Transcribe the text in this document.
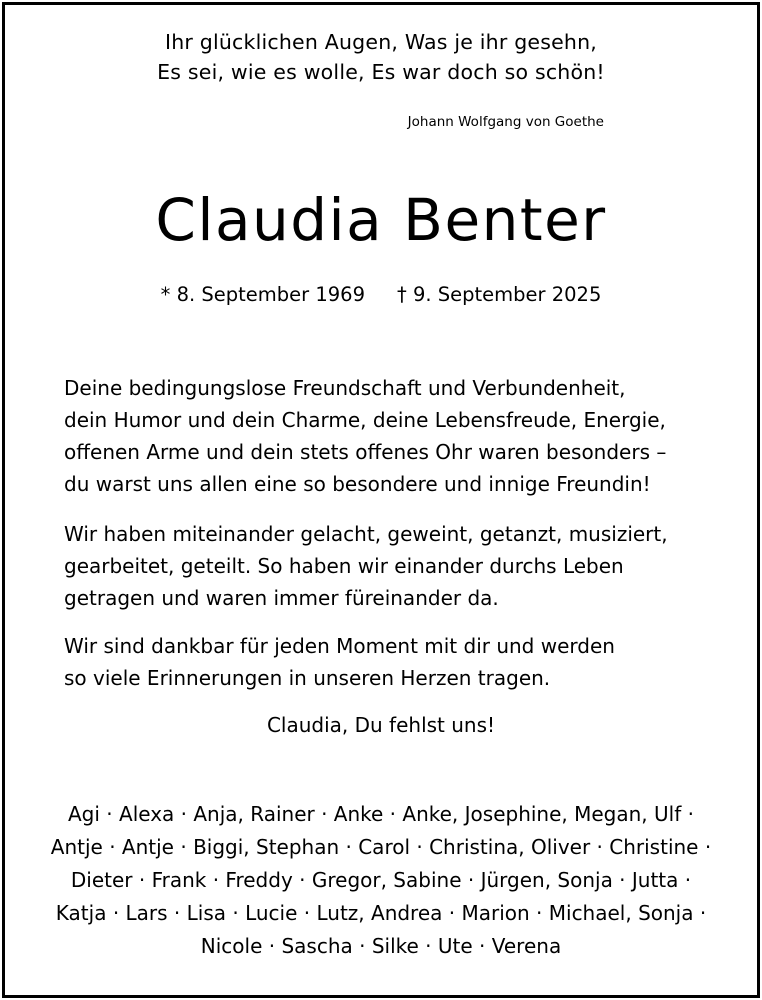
Ihr glücklichen Augen, Was je ihr gesehn,

Es sei, wie es wolle, Es war doch so schön!

Johann Wolfgang von Goethe

Claudia Benter
* 8. September 1969 † 9. September 2025

Deine bedingungslose Freundschaft und Verbundenheit,

dein Humor und dein Charme, deine Lebensfreude, Energie,

offenen Arme und dein stets offenes Ohr waren besonders –

du warst uns allen eine so besondere und innige Freundin!

Wir haben miteinander gelacht, geweint, getanzt, musiziert,

gearbeitet, geteilt. So haben wir einander durchs Leben

getragen und waren immer füreinander da.

Wir sind dankbar für jeden Moment mit dir und werden

so viele Erinnerungen in unseren Herzen tragen.

Claudia, Du fehlst uns!

Agi · Alexa · Anja, Rainer · Anke · Anke, Josephine, Megan, Ulf ·

Antje · Antje · Biggi, Stephan · Carol · Christina, Oliver · Christine ·

Dieter · Frank · Freddy · Gregor, Sabine · Jürgen, Sonja · Jutta ·

Katja · Lars · Lisa · Lucie · Lutz, Andrea · Marion · Michael, Sonja ·

Nicole · Sascha · Silke · Ute · Verena
